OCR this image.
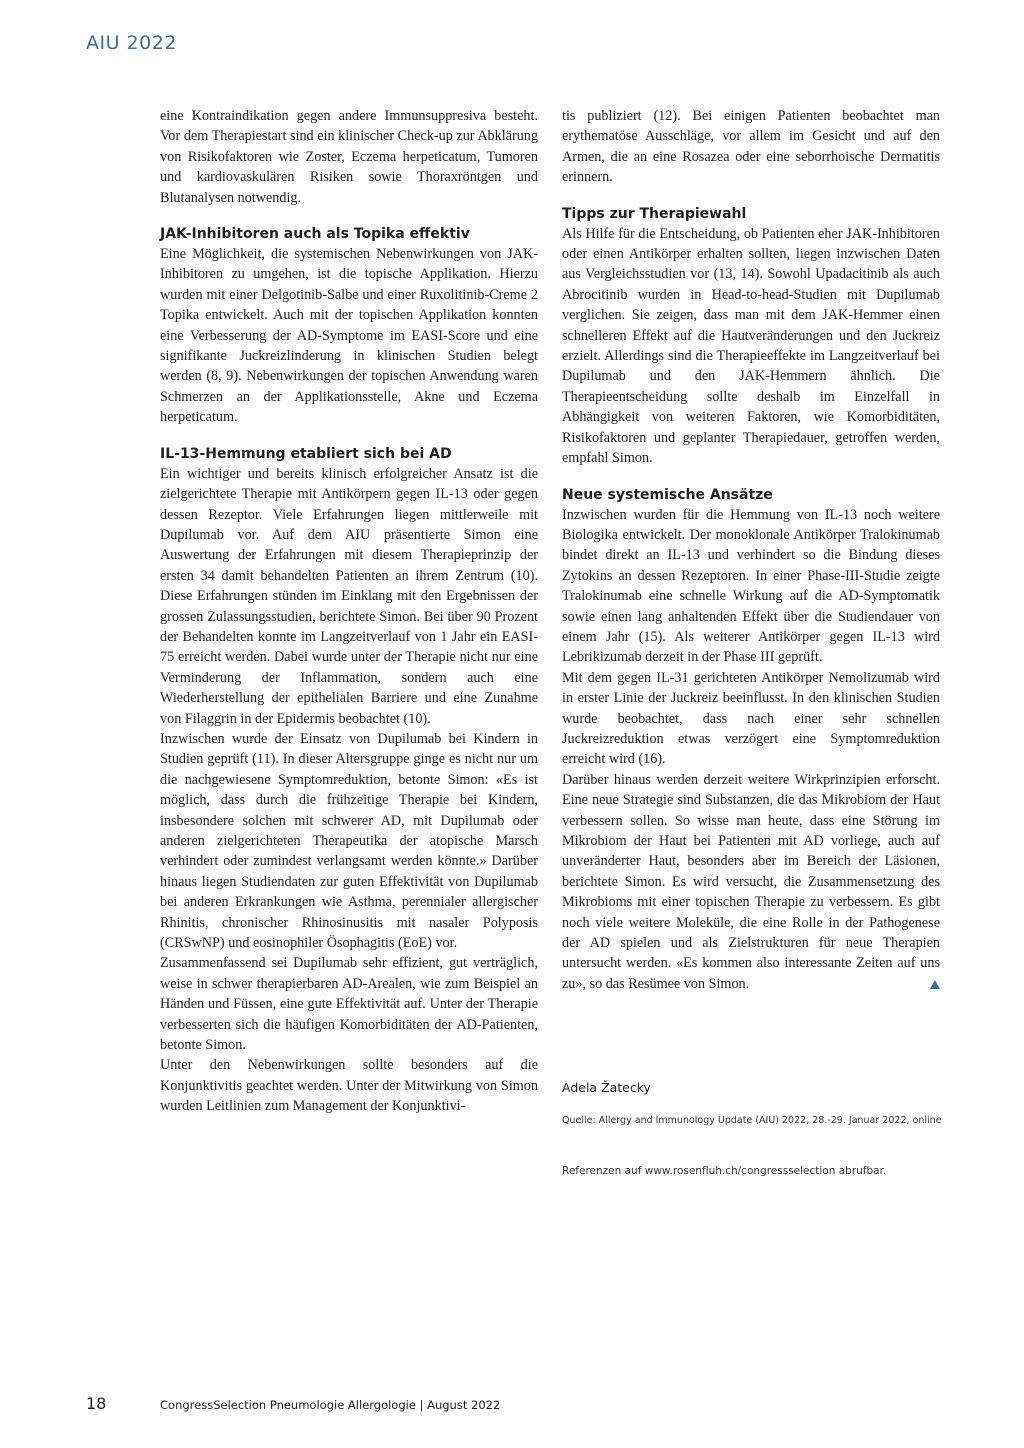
AIU 2022

eine Kontraindikation gegen andere Immunsuppresiva besteht. Vor dem Therapiestart sind ein klinischer Check-up zur Abklärung von Risikofaktoren wie Zoster, Eczema herpeticatum, Tumoren und kardiovaskulären Risiken sowie Thoraxröntgen und Blutanalysen notwendig.

JAK-Inhibitoren auch als Topika effektiv

Eine Möglichkeit, die systemischen Nebenwirkungen von JAK-Inhibitoren zu umgehen, ist die topische Applikation. Hierzu wurden mit einer Delgotinib-Salbe und einer Ruxolitinib-Creme 2 Topika entwickelt. Auch mit der topischen Applikation konnten eine Verbesserung der AD-Symptome im EASI-Score und eine signifikante Juckreizlinderung in klinischen Studien belegt werden (8, 9). Nebenwirkungen der topischen Anwendung waren Schmerzen an der Applikationsstelle, Akne und Eczema herpeticatum.

IL-13-Hemmung etabliert sich bei AD

Ein wichtiger und bereits klinisch erfolgreicher Ansatz ist die zielgerichtete Therapie mit Antikörpern gegen IL-13 oder gegen dessen Rezeptor. Viele Erfahrungen liegen mittlerweile mit Dupilumab vor. Auf dem AIU präsentierte Simon eine Auswertung der Erfahrungen mit diesem Therapieprinzip der ersten 34 damit behandelten Patienten an ihrem Zentrum (10). Diese Erfahrungen stünden im Einklang mit den Ergebnissen der grossen Zulassungsstudien, berichtete Simon. Bei über 90 Prozent der Behandelten konnte im Langzeitverlauf von 1 Jahr ein EASI-75 erreicht werden. Dabei wurde unter der Therapie nicht nur eine Verminderung der Inflammation, sondern auch eine Wiederherstellung der epithelialen Barriere und eine Zunahme von Filaggrin in der Epidermis beobachtet (10).

Inzwischen wurde der Einsatz von Dupilumab bei Kindern in Studien geprüft (11). In dieser Altersgruppe ginge es nicht nur um die nachgewiesene Symptomreduktion, betonte Simon: «Es ist möglich, dass durch die frühzeitige Therapie bei Kindern, insbesondere solchen mit schwerer AD, mit Dupilumab oder anderen zielgerichteten Therapeutika der atopische Marsch verhindert oder zumindest verlangsamt werden könnte.» Darüber hinaus liegen Studiendaten zur guten Effektivität von Dupilumab bei anderen Erkrankungen wie Asthma, perennialer allergischer Rhinitis, chronischer Rhinosinusitis mit nasaler Polyposis (CRSwNP) und eosinophiler Ösophagitis (EoE) vor.

Zusammenfassend sei Dupilumab sehr effizient, gut verträglich, weise in schwer therapierbaren AD-Arealen, wie zum Beispiel an Händen und Füssen, eine gute Effektivität auf. Unter der Therapie verbesserten sich die häufigen Komorbiditäten der AD-Patienten, betonte Simon.

Unter den Nebenwirkungen sollte besonders auf die Konjunktivitis geachtet werden. Unter der Mitwirkung von Simon wurden Leitlinien zum Management der Konjunktivi-

tis publiziert (12). Bei einigen Patienten beobachtet man erythematöse Ausschläge, vor allem im Gesicht und auf den Armen, die an eine Rosazea oder eine seborrhoische Dermatitis erinnern.

Tipps zur Therapiewahl

Als Hilfe für die Entscheidung, ob Patienten eher JAK-Inhibitoren oder einen Antikörper erhalten sollten, liegen inzwischen Daten aus Vergleichsstudien vor (13, 14). Sowohl Upadacitinib als auch Abrocitinib wurden in Head-to-head-Studien mit Dupilumab verglichen. Sie zeigen, dass man mit dem JAK-Hemmer einen schnelleren Effekt auf die Hautveränderungen und den Juckreiz erzielt. Allerdings sind die Therapieeffekte im Langzeitverlauf bei Dupilumab und den JAK-Hemmern ähnlich. Die Therapieentscheidung sollte deshalb im Einzelfall in Abhängigkeit von weiteren Faktoren, wie Komorbiditäten, Risikofaktoren und geplanter Therapiedauer, getroffen werden, empfahl Simon.

Neue systemische Ansätze

Inzwischen wurden für die Hemmung von IL-13 noch weitere Biologika entwickelt. Der monoklonale Antikörper Tralokinumab bindet direkt an IL-13 und verhindert so die Bindung dieses Zytokins an dessen Rezeptoren. In einer Phase-III-Studie zeigte Tralokinumab eine schnelle Wirkung auf die AD-Symptomatik sowie einen lang anhaltenden Effekt über die Studiendauer von einem Jahr (15). Als weiterer Antikörper gegen IL-13 wird Lebrikizumab derzeit in der Phase III geprüft.

Mit dem gegen IL-31 gerichteten Antikörper Nemolizumab wird in erster Linie der Juckreiz beeinflusst. In den klinischen Studien wurde beobachtet, dass nach einer sehr schnellen Juckreizreduktion etwas verzögert eine Symptomreduktion erreicht wird (16).

Darüber hinaus werden derzeit weitere Wirkprinzipien erforscht. Eine neue Strategie sind Substanzen, die das Mikrobiom der Haut verbessern sollen. So wisse man heute, dass eine Störung im Mikrobiom der Haut bei Patienten mit AD vorliege, auch auf unveränderter Haut, besonders aber im Bereich der Läsionen, berichtete Simon. Es wird versucht, die Zusammensetzung des Mikrobioms mit einer topischen Therapie zu verbessern. Es gibt noch viele weitere Moleküle, die eine Rolle in der Pathogenese der AD spielen und als Zielstrukturen für neue Therapien untersucht werden. «Es kommen also interessante Zeiten auf uns zu», so das Resümee von Simon.

Adela Žatecky
Quelle: Allergy and Immunology Update (AIU) 2022, 28.-29. Januar 2022, online
Referenzen auf www.rosenfluh.ch/congressselection abrufbar.
18	CongressSelection Pneumologie Allergologie | August 2022
